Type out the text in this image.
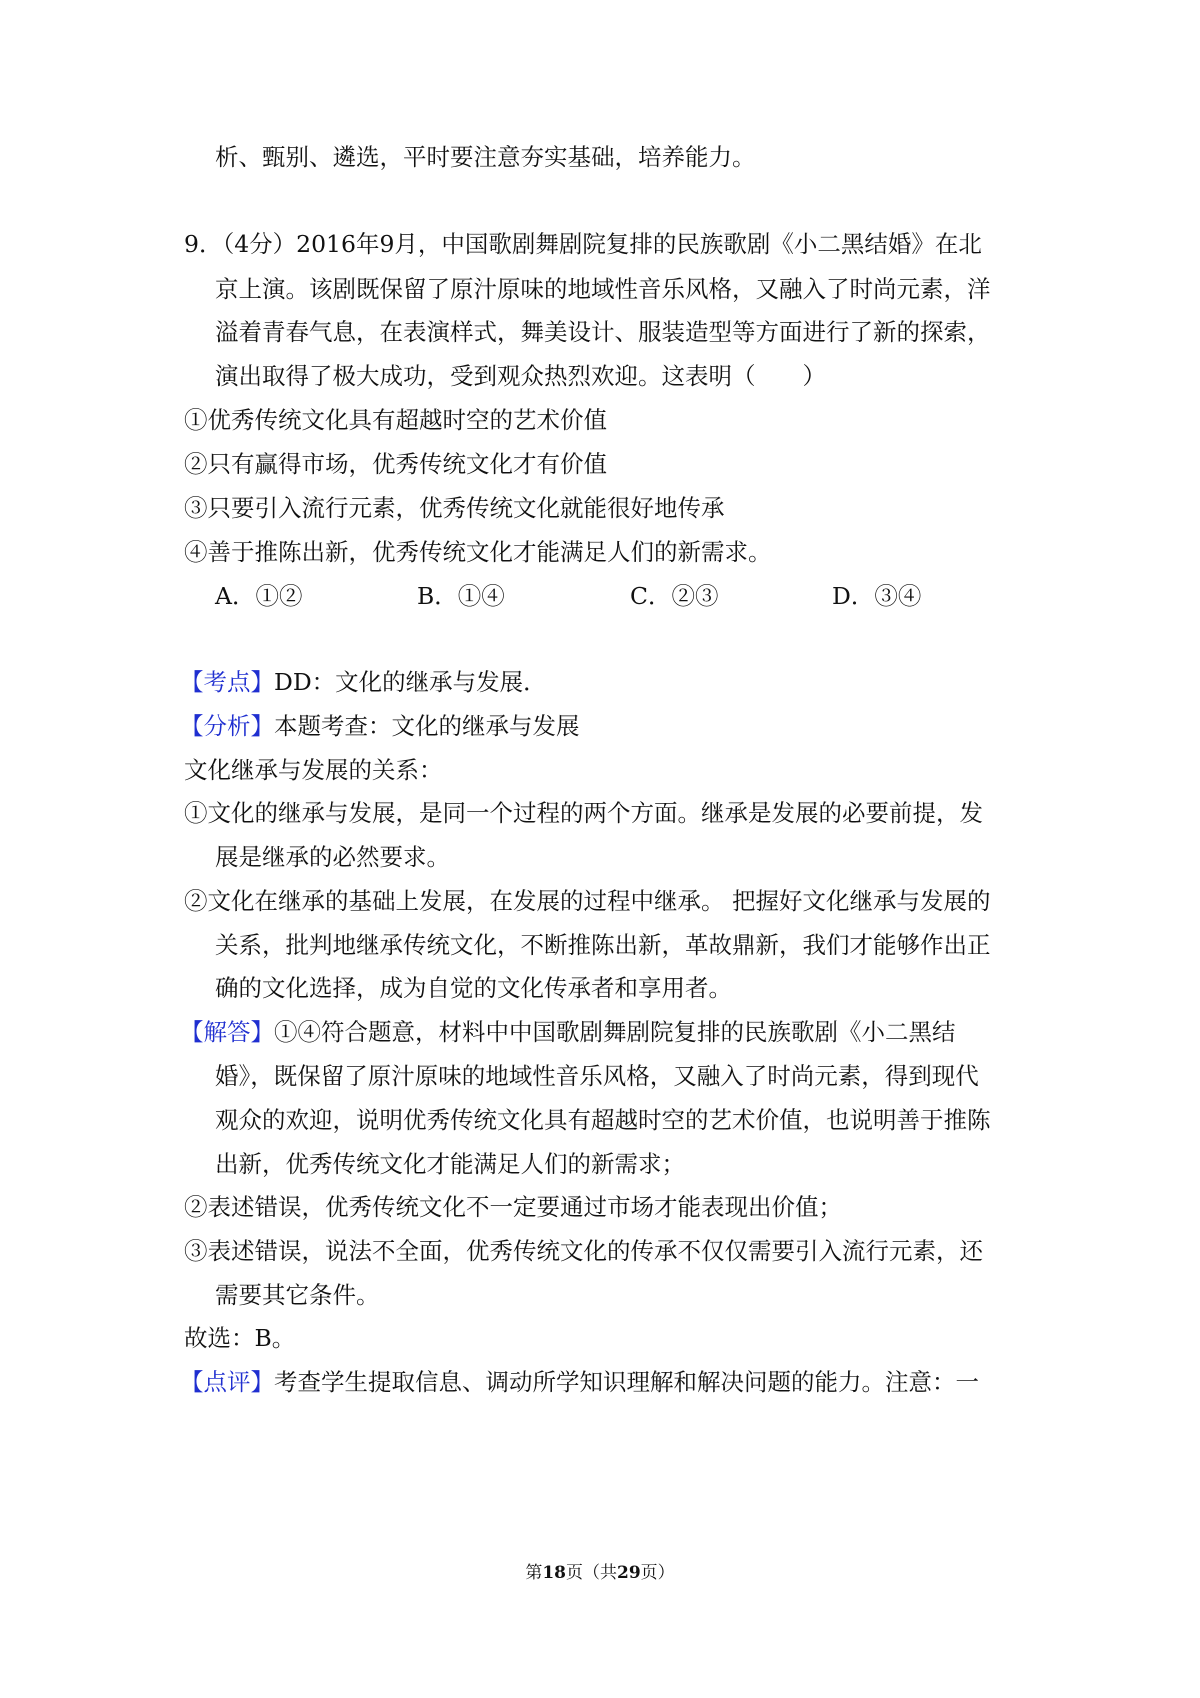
析、甄别、遴选，平时要注意夯实基础，培养能力。
9．（4分）2016年9月，中国歌剧舞剧院复排的民族歌剧《小二黑结婚》在北
京上演。该剧既保留了原汁原味的地域性音乐风格，又融入了时尚元素，洋
溢着青春气息，在表演样式，舞美设计、服装造型等方面进行了新的探索，
演出取得了极大成功，受到观众热烈欢迎。这表明（　　）
①优秀传统文化具有超越时空的艺术价值
②只有赢得市场，优秀传统文化才有价值
③只要引入流行元素，优秀传统文化就能很好地传承
④善于推陈出新，优秀传统文化才能满足人们的新需求。
A．①②	B．①④	C．②③	D．③④
【考点】DD：文化的继承与发展．
【分析】本题考查：文化的继承与发展
文化继承与发展的关系：
①文化的继承与发展，是同一个过程的两个方面。继承是发展的必要前提，发
展是继承的必然要求。
②文化在继承的基础上发展，在发展的过程中继承。 把握好文化继承与发展的
关系，批判地继承传统文化，不断推陈出新，革故鼎新，我们才能够作出正
确的文化选择，成为自觉的文化传承者和享用者。
【解答】①④符合题意，材料中中国歌剧舞剧院复排的民族歌剧《小二黑结
婚》，既保留了原汁原味的地域性音乐风格，又融入了时尚元素，得到现代
观众的欢迎，说明优秀传统文化具有超越时空的艺术价值，也说明善于推陈
出新，优秀传统文化才能满足人们的新需求；
②表述错误，优秀传统文化不一定要通过市场才能表现出价值；
③表述错误，说法不全面，优秀传统文化的传承不仅仅需要引入流行元素，还
需要其它条件。
故选：B。
【点评】考查学生提取信息、调动所学知识理解和解决问题的能力。注意：一
第18页（共29页）
